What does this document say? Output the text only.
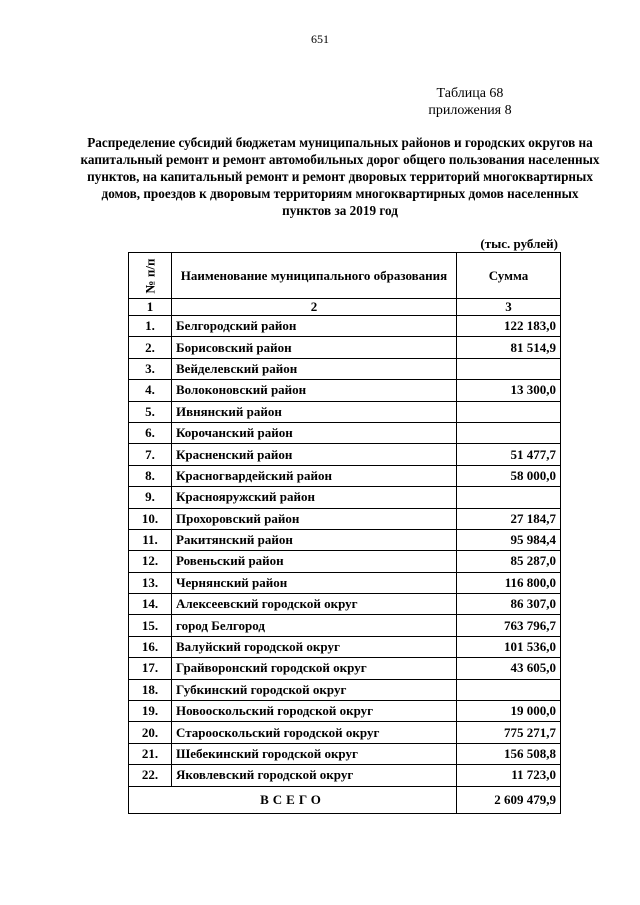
651
Таблица 68
приложения 8
Распределение субсидий бюджетам муниципальных районов и городских округов на капитальный ремонт и ремонт автомобильных дорог общего пользования населенных пунктов, на капитальный ремонт и ремонт дворовых территорий многоквартирных домов, проездов к дворовым территориям многоквартирных домов населенных пунктов за 2019 год
(тыс. рублей)
№ п/п	Наименование муниципального образования	Сумма
1	2	3
1.	Белгородский район	122 183,0
2.	Борисовский район	81 514,9
3.	Вейделевский район	
4.	Волоконовский район	13 300,0
5.	Ивнянский район	
6.	Корочанский район	
7.	Красненский район	51 477,7
8.	Красногвардейский район	58 000,0
9.	Краснояружский район	
10.	Прохоровский район	27 184,7
11.	Ракитянский район	95 984,4
12.	Ровеньский район	85 287,0
13.	Чернянский район	116 800,0
14.	Алексеевский городской округ	86 307,0
15.	город Белгород	763 796,7
16.	Валуйский городской округ	101 536,0
17.	Грайворонский городской округ	43 605,0
18.	Губкинский городской округ	
19.	Новооскольский городской округ	19 000,0
20.	Старооскольский городской округ	775 271,7
21.	Шебекинский городской округ	156 508,8
22.	Яковлевский городской округ	11 723,0
ВСЕГО		2 609 479,9
